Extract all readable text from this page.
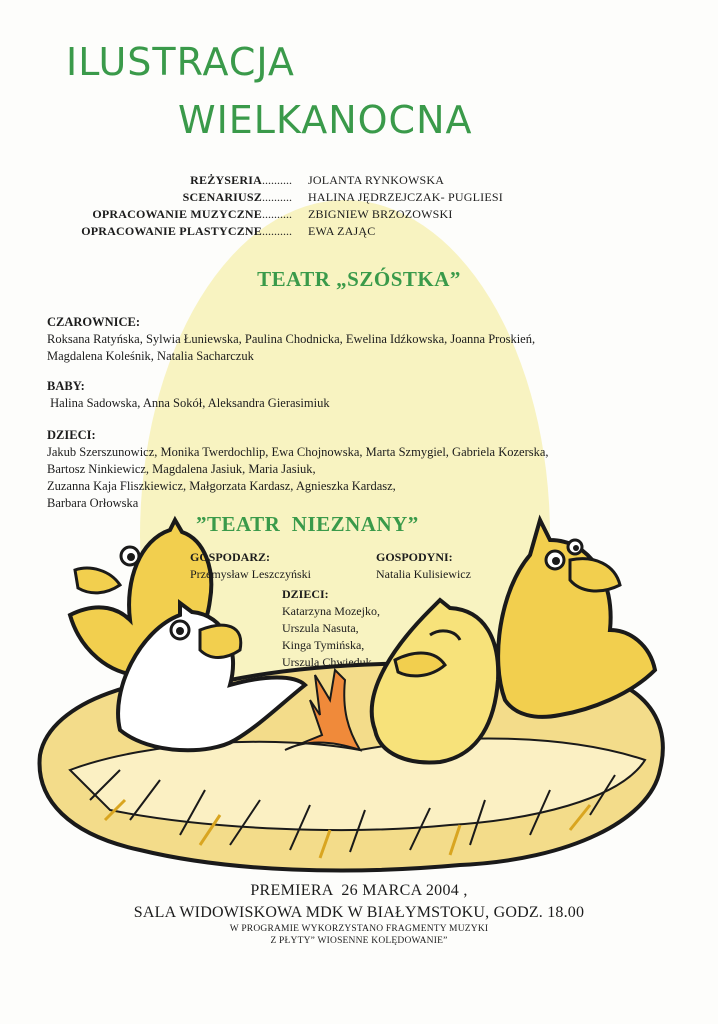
ILUSTRACJA
WIELKANOCNA
REŻYSERIA ..........	JOLANTA RYNKOWSKA
SCENARIUSZ ..........	HALINA JĘDRZEJCZAK- PUGLIESI
OPRACOWANIE MUZYCZNE ..........	ZBIGNIEW BRZOZOWSKI
OPRACOWANIE PLASTYCZNE ..........	EWA ZAJĄC
TEATR „SZÓSTKA”
CZAROWNICE:
Roksana Ratyńska, Sylwia Łuniewska, Paulina Chodnicka, Ewelina Idźkowska, Joanna Proskień,
Magdalena Koleśnik, Natalia Sacharczuk
BABY:
Halina Sadowska, Anna Sokół, Aleksandra Gierasimiuk
DZIECI:
Jakub Szerszunowicz, Monika Twerdochlip, Ewa Chojnowska, Marta Szmygiel, Gabriela Kozerska,
Bartosz Ninkiewicz, Magdalena Jasiuk, Maria Jasiuk,
Zuzanna Kaja Fliszkiewicz, Małgorzata Kardasz, Agnieszka Kardasz,
Barbara Orłowska
”TEATR  NIEZNANY”
GOSPODARZ:
Przemysław Leszczyński
GOSPODYNI:
Natalia Kulisiewicz
DZIECI:
Katarzyna Mozejko,
Urszula Nasuta,
Kinga Tymińska,
Urszula Chwieduk
PREMIERA  26 MARCA 2004 ,
SALA WIDOWISKOWA MDK W BIAŁYMSTOKU, GODZ. 18.00
W PROGRAMIE WYKORZYSTANO FRAGMENTY MUZYKI
Z PŁYTY” WIOSENNE KOLĘDOWANIE”
